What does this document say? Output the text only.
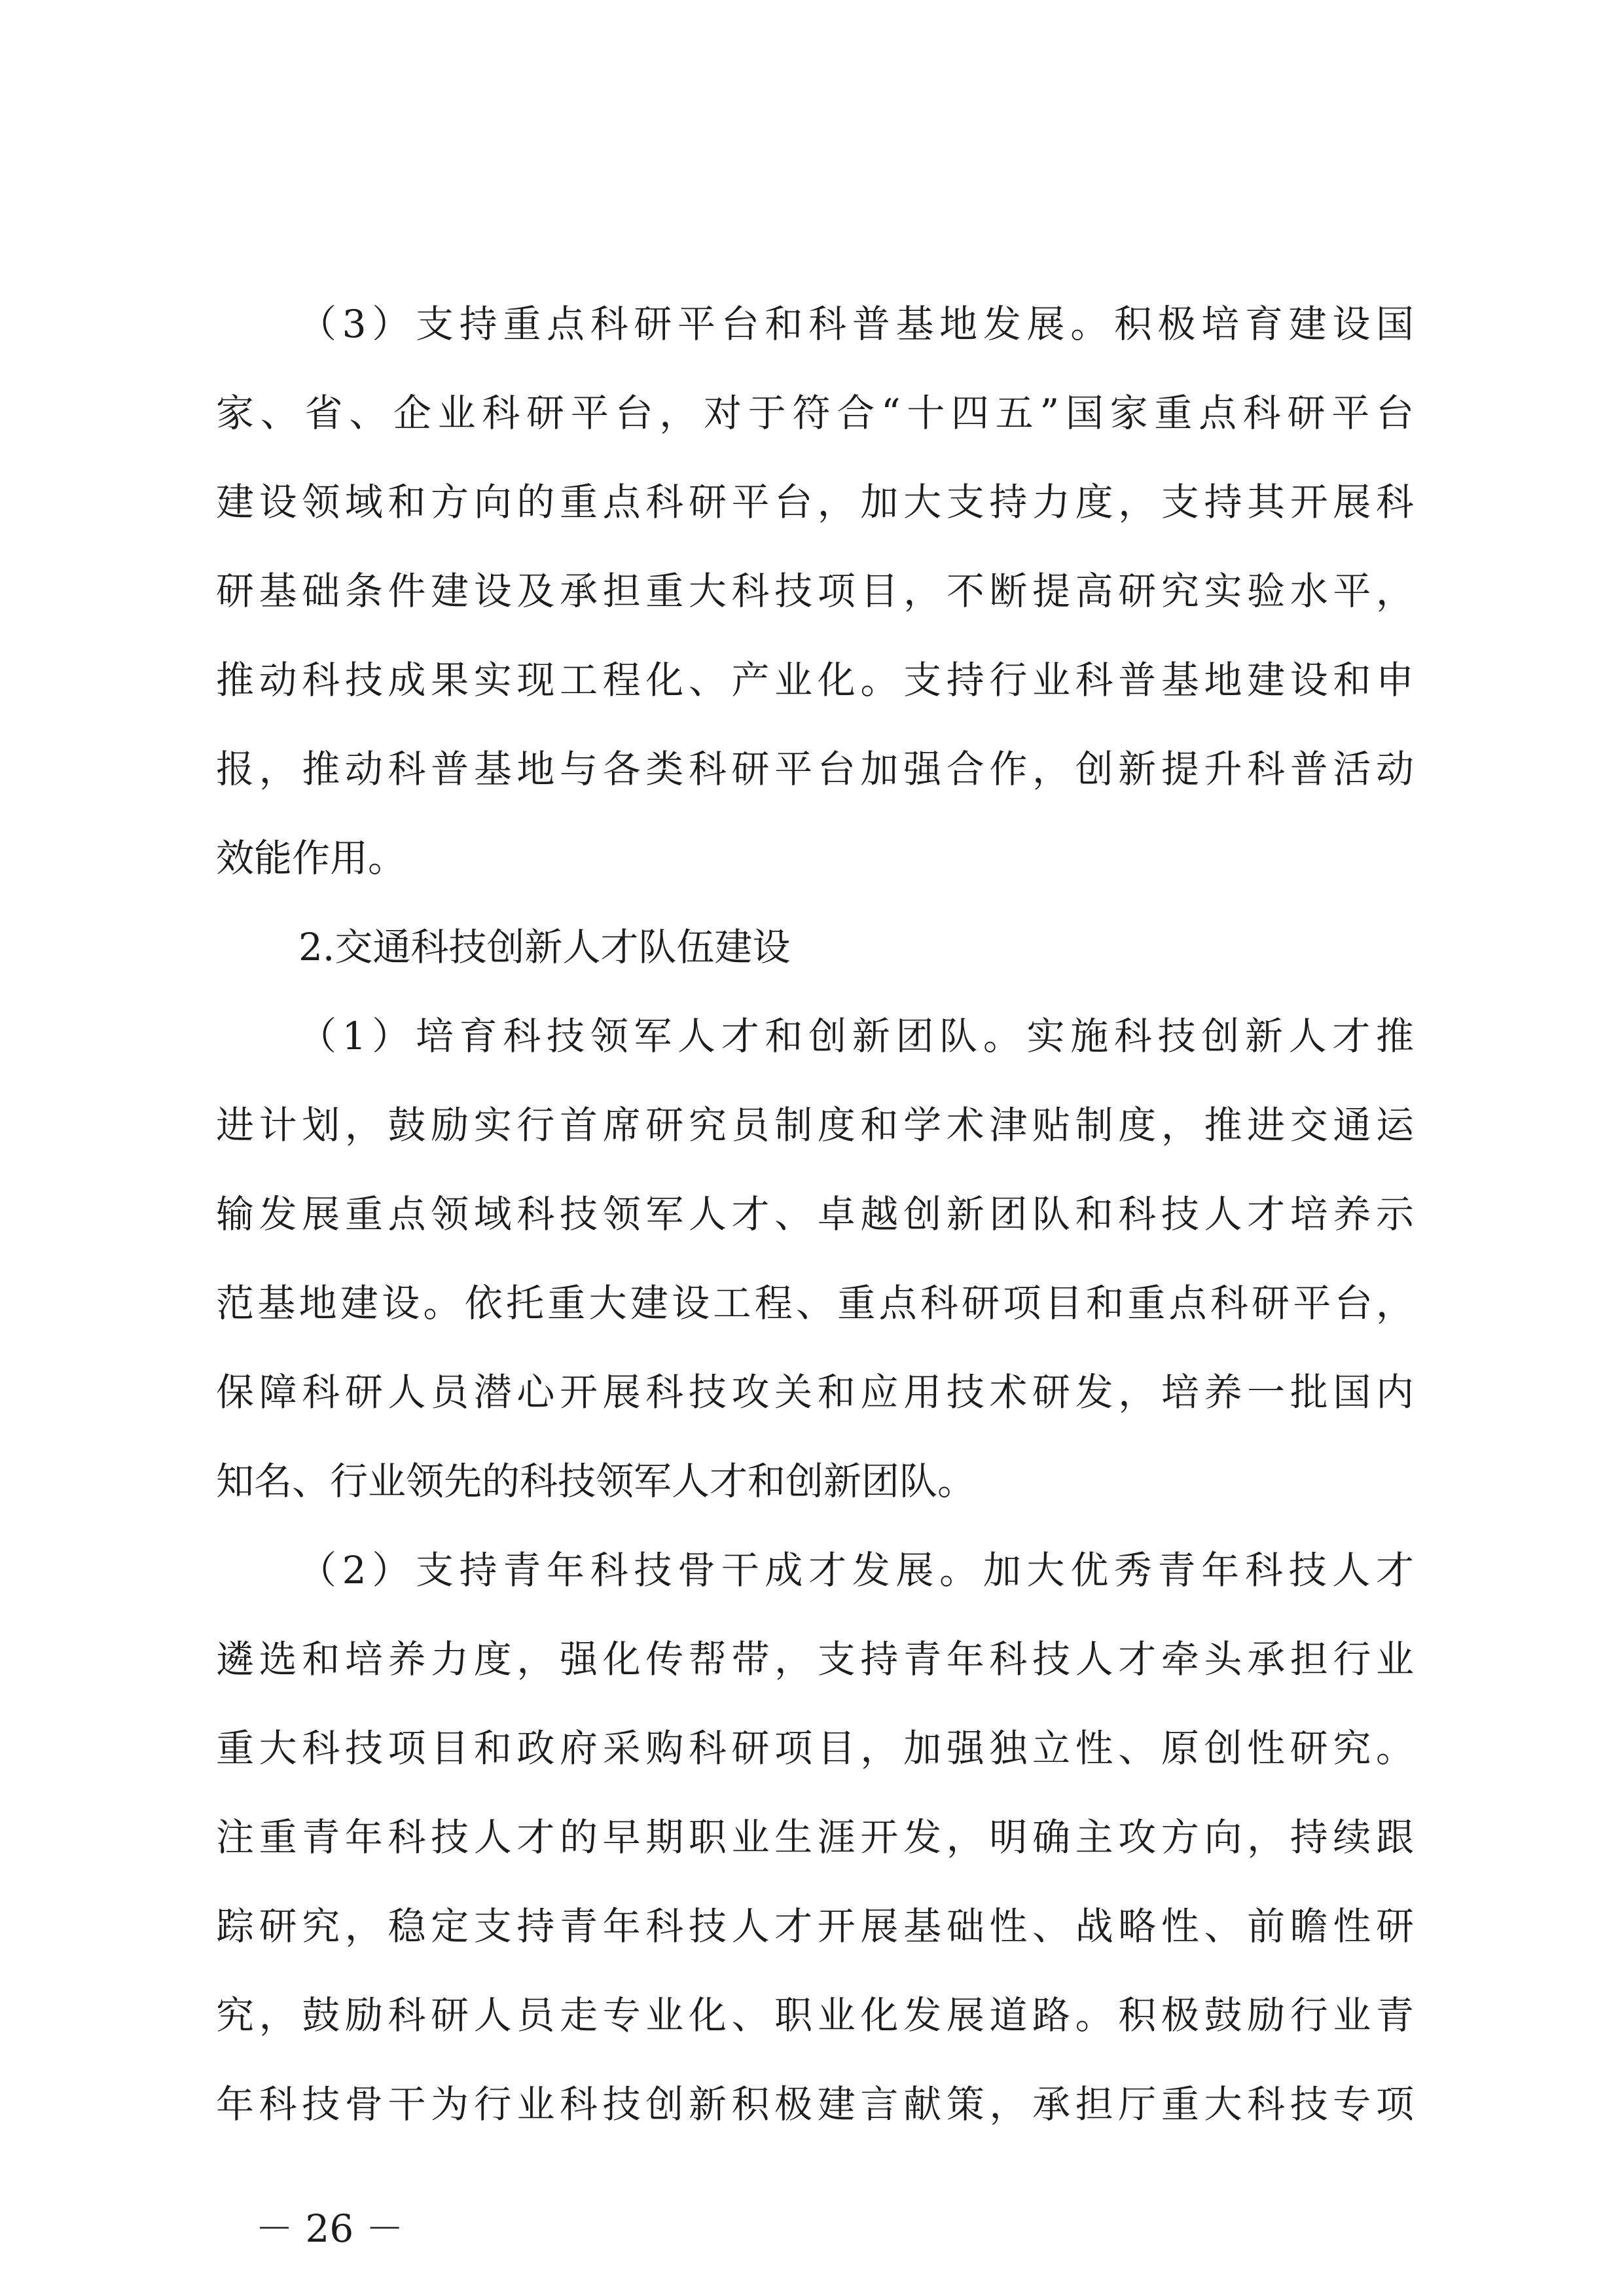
（3）支持重点科研平台和科普基地发展。积极培育建设国
家、省、企业科研平台，对于符合“十四五”国家重点科研平台
建设领域和方向的重点科研平台，加大支持力度，支持其开展科
研基础条件建设及承担重大科技项目，不断提高研究实验水平，
推动科技成果实现工程化、产业化。支持行业科普基地建设和申
报，推动科普基地与各类科研平台加强合作，创新提升科普活动
效能作用。
2.交通科技创新人才队伍建设
（1）培育科技领军人才和创新团队。实施科技创新人才推
进计划，鼓励实行首席研究员制度和学术津贴制度，推进交通运
输发展重点领域科技领军人才、卓越创新团队和科技人才培养示
范基地建设。依托重大建设工程、重点科研项目和重点科研平台，
保障科研人员潜心开展科技攻关和应用技术研发，培养一批国内
知名、行业领先的科技领军人才和创新团队。
（2）支持青年科技骨干成才发展。加大优秀青年科技人才
遴选和培养力度，强化传帮带，支持青年科技人才牵头承担行业
重大科技项目和政府采购科研项目，加强独立性、原创性研究。
注重青年科技人才的早期职业生涯开发，明确主攻方向，持续跟
踪研究，稳定支持青年科技人才开展基础性、战略性、前瞻性研
究，鼓励科研人员走专业化、职业化发展道路。积极鼓励行业青
年科技骨干为行业科技创新积极建言献策，承担厅重大科技专项
－ 26 －
